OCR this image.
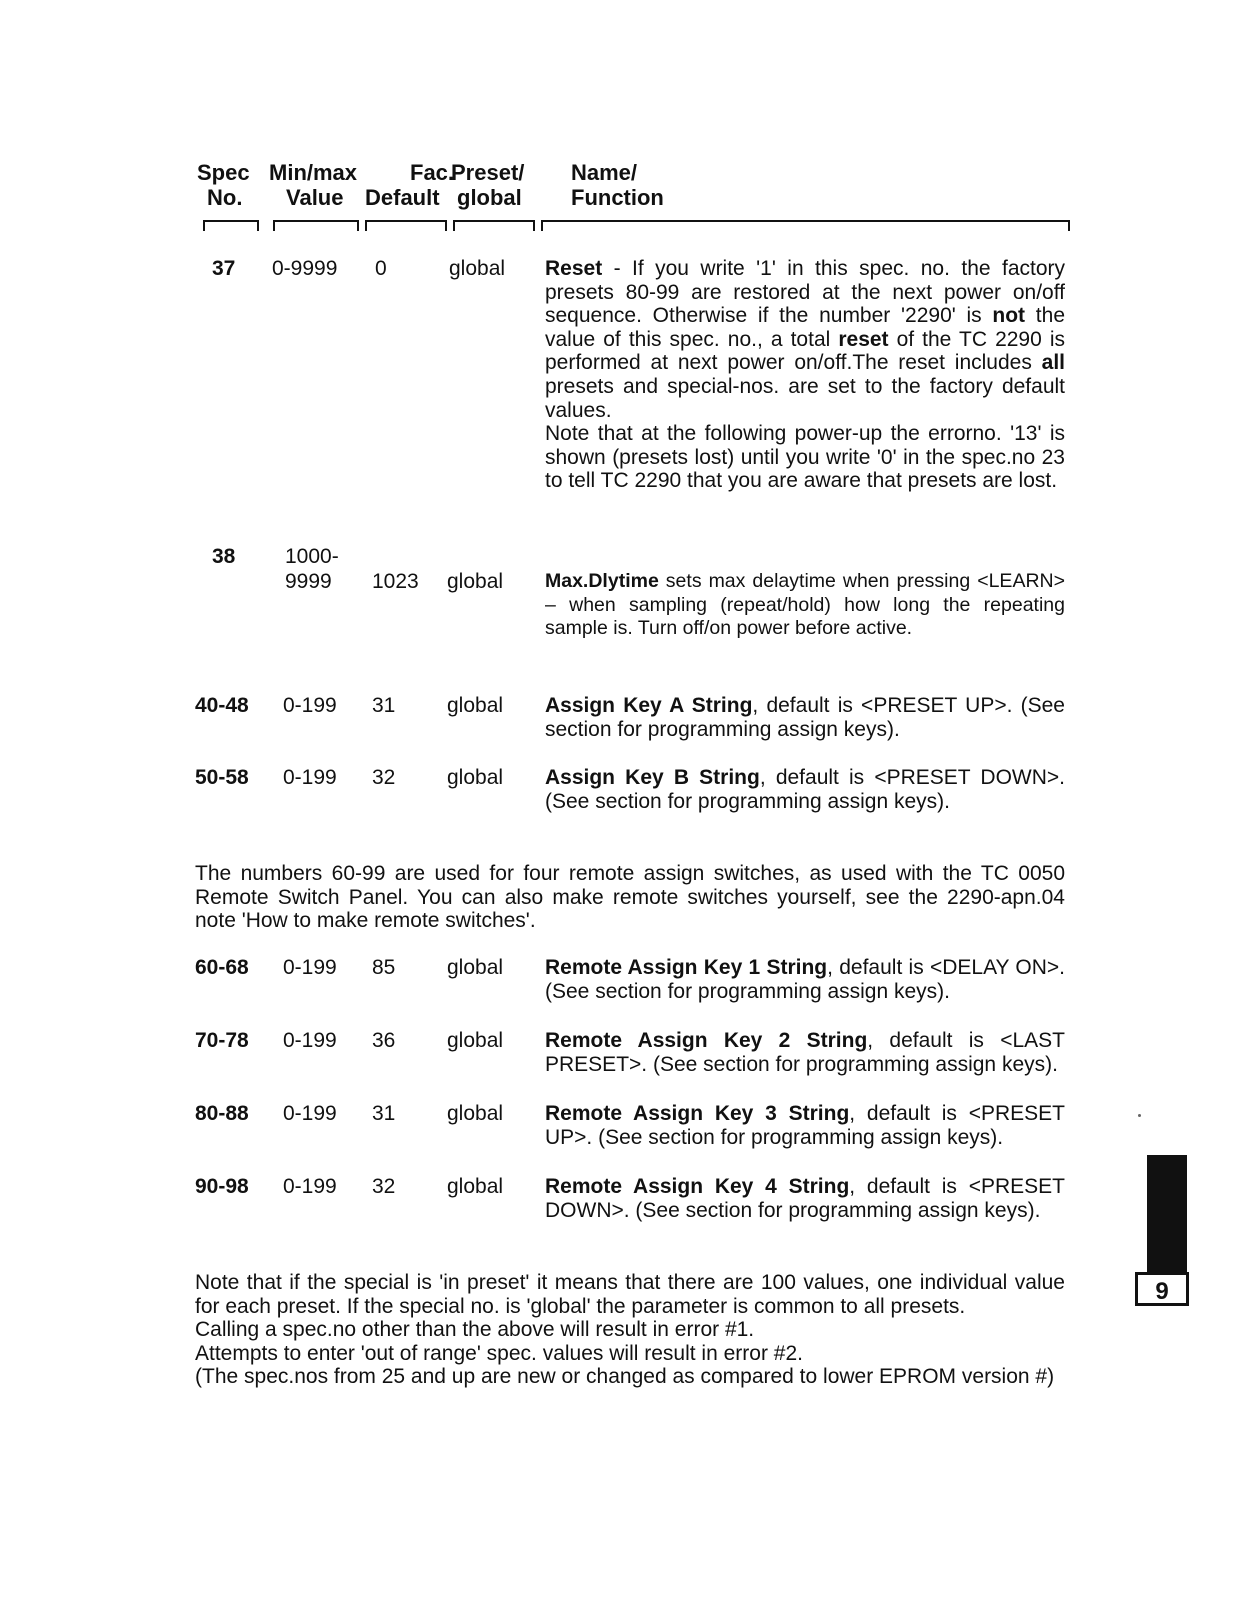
Spec
No.
Min/max
Value
Fac.
Default
Preset/
global
Name/
Function
37 0-9999 0	global Reset - If you write '1' in this spec. no. the factory presets 80-99 are restored at the next power on/off sequence. Otherwise if the number '2290' is not the value of this spec. no., a total reset of the TC 2290 is performed at next power on/off.The reset includes all presets and special-nos. are set to the factory default values.
Note that at the following power-up the errorno. '13' is shown (presets lost) until you write '0' in the spec.no 23 to tell TC 2290 that you are aware that presets are lost.
38 1000-
9999 1023 global Max.Dlytime sets max delaytime when pressing <LEARN> – when sampling (repeat/hold) how long the repeating sample is. Turn off/on power before active.
40-48 0-199 31 global Assign Key A String, default is <PRESET UP>. (See section for programming assign keys).
50-58 0-199 32 global Assign Key B String, default is <PRESET DOWN>. (See section for programming assign keys).
The numbers 60-99 are used for four remote assign switches, as used with the TC 0050 Remote Switch Panel. You can also make remote switches yourself, see the 2290-apn.04 note 'How to make remote switches'.
60-68 0-199 85 global Remote Assign Key 1 String, default is <DELAY ON>. (See section for programming assign keys).
70-78 0-199 36 global Remote Assign Key 2 String, default is <LAST PRESET>. (See section for programming assign keys).
80-88 0-199 31 global Remote Assign Key 3 String, default is <PRESET UP>. (See section for programming assign keys).
90-98 0-199 32 global Remote Assign Key 4 String, default is <PRESET DOWN>. (See section for programming assign keys).
Note that if the special is 'in preset' it means that there are 100 values, one individual value for each preset. If the special no. is 'global' the parameter is common to all presets.
Calling a spec.no other than the above will result in error #1.
Attempts to enter 'out of range' spec. values will result in error #2.
(The spec.nos from 25 and up are new or changed as compared to lower EPROM version #)
9
